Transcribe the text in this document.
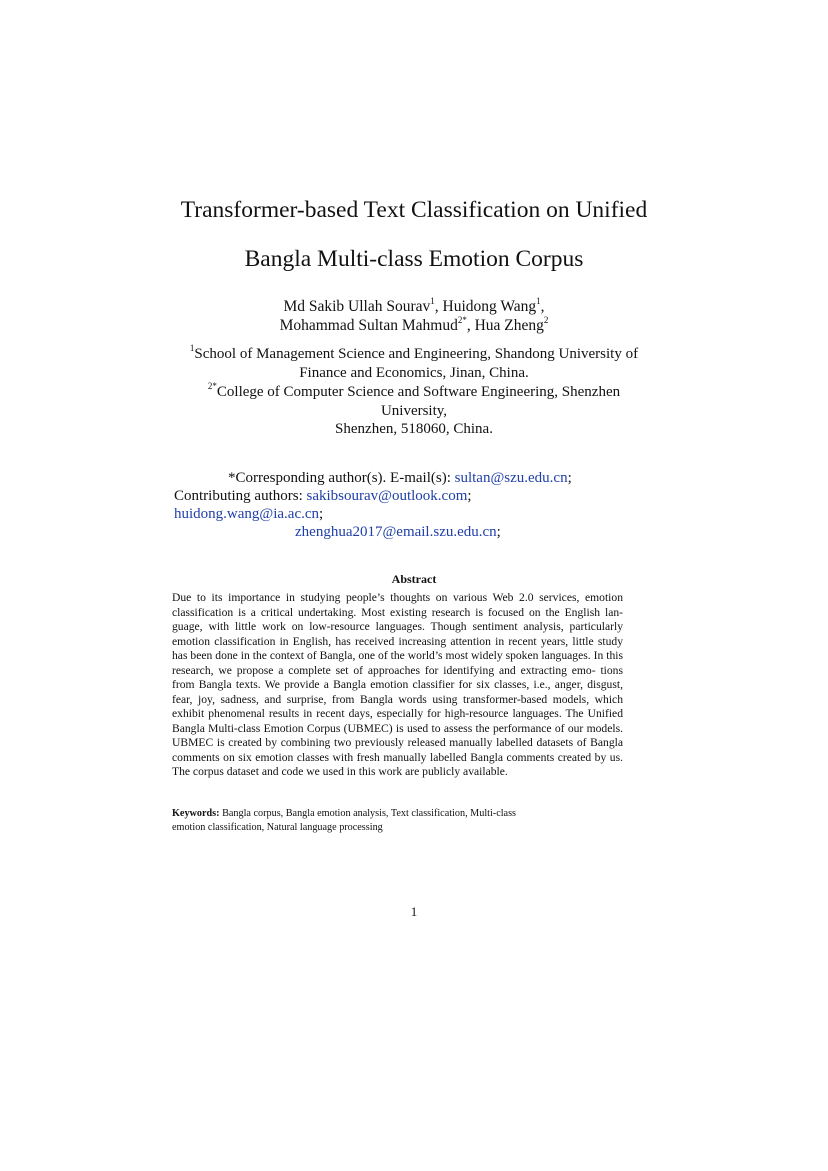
Transformer-based Text Classification on Unified
Bangla Multi-class Emotion Corpus
Md Sakib Ullah Sourav$^1$, Huidong Wang$^1$,
Mohammad Sultan Mahmud$^{2*}$, Hua Zheng$^2$
$^1$School of Management Science and Engineering, Shandong University of
Finance and Economics, Jinan, China.
$^{2*}$College of Computer Science and Software Engineering, Shenzhen
University,
Shenzhen, 518060, China.
*Corresponding author(s). E-mail(s): sultan@szu.edu.cn;
Contributing authors: sakibsourav@outlook.com;
huidong.wang@ia.ac.cn;
zhenghua2017@email.szu.edu.cn;
Abstract
Due to its importance in studying people’s thoughts on various Web 2.0 services, emotion classification is a critical undertaking. Most existing research is focused on the English lan- guage, with little work on low-resource languages. Though sentiment analysis, particularly emotion classification in English, has received increasing attention in recent years, little study has been done in the context of Bangla, one of the world’s most widely spoken languages. In this research, we propose a complete set of approaches for identifying and extracting emo- tions from Bangla texts. We provide a Bangla emotion classifier for six classes, i.e., anger, disgust, fear, joy, sadness, and surprise, from Bangla words using transformer-based models, which exhibit phenomenal results in recent days, especially for high-resource languages. The Unified Bangla Multi-class Emotion Corpus (UBMEC) is used to assess the performance of our models. UBMEC is created by combining two previously released manually labelled datasets of Bangla comments on six emotion classes with fresh manually labelled Bangla comments created by us. The corpus dataset and code we used in this work are publicly available.
Keywords: Bangla corpus, Bangla emotion analysis, Text classification, Multi-class
emotion classification, Natural language processing
1
